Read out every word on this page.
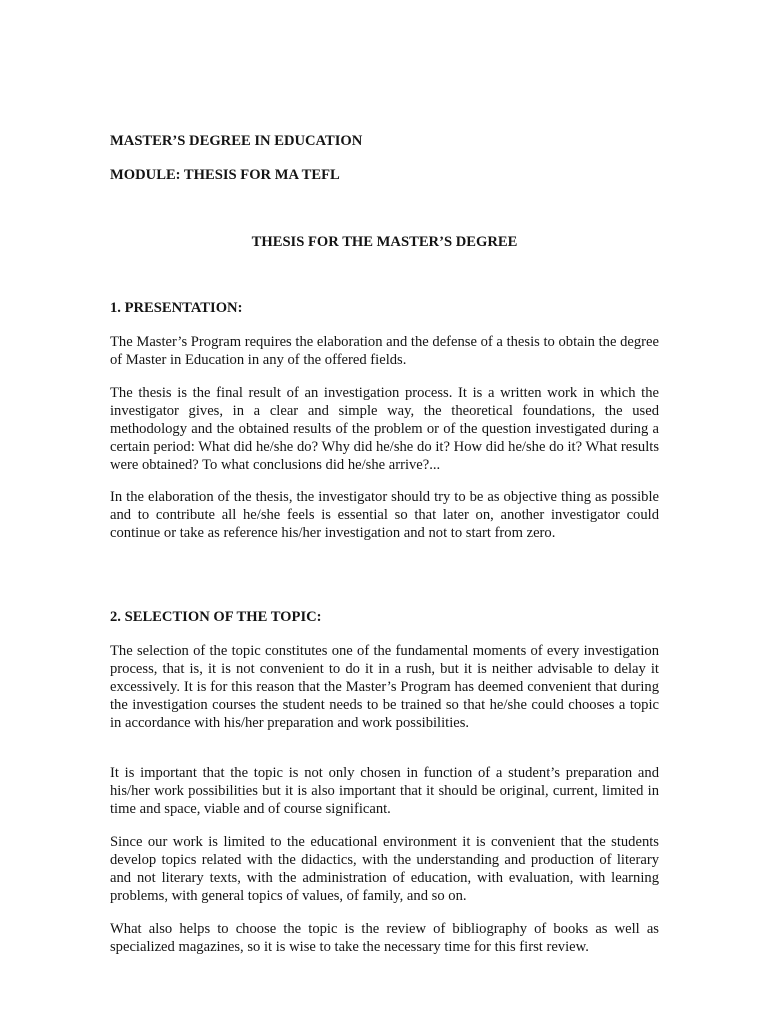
MASTER’S DEGREE IN EDUCATION
MODULE: THESIS FOR MA TEFL
THESIS FOR THE MASTER’S DEGREE
1. PRESENTATION:

The Master’s Program requires the elaboration and the defense of a thesis to obtain the degree of Master in Education in any of the offered fields.

The thesis is the final result of an investigation process. It is a written work in which the investigator gives, in a clear and simple way, the theoretical foundations, the used methodology and the obtained results of the problem or of the question investigated during a certain period: What did he/she do? Why did he/she do it? How did he/she do it? What results were obtained? To what conclusions did he/she arrive?...

In the elaboration of the thesis, the investigator should try to be as objective thing as possible and to contribute all he/she feels is essential so that later on, another investigator could continue or take as reference his/her investigation and not to start from zero.

2. SELECTION OF THE TOPIC:

The selection of the topic constitutes one of the fundamental moments of every investigation process, that is, it is not convenient to do it in a rush, but it is neither advisable to delay it excessively. It is for this reason that the Master’s Program has deemed convenient that during the investigation courses the student needs to be trained so that he/she could chooses a topic in accordance with his/her preparation and work possibilities.

It is important that the topic is not only chosen in function of a student’s preparation and his/her work possibilities but it is also important that it should be original, current, limited in time and space, viable and of course significant.

Since our work is limited to the educational environment it is convenient that the students develop topics related with the didactics, with the understanding and production of literary and not literary texts, with the administration of education, with evaluation, with learning problems, with general topics of values, of family, and so on.

What also helps to choose the topic is the review of bibliography of books as well as specialized magazines, so it is wise to take the necessary time for this first review.
